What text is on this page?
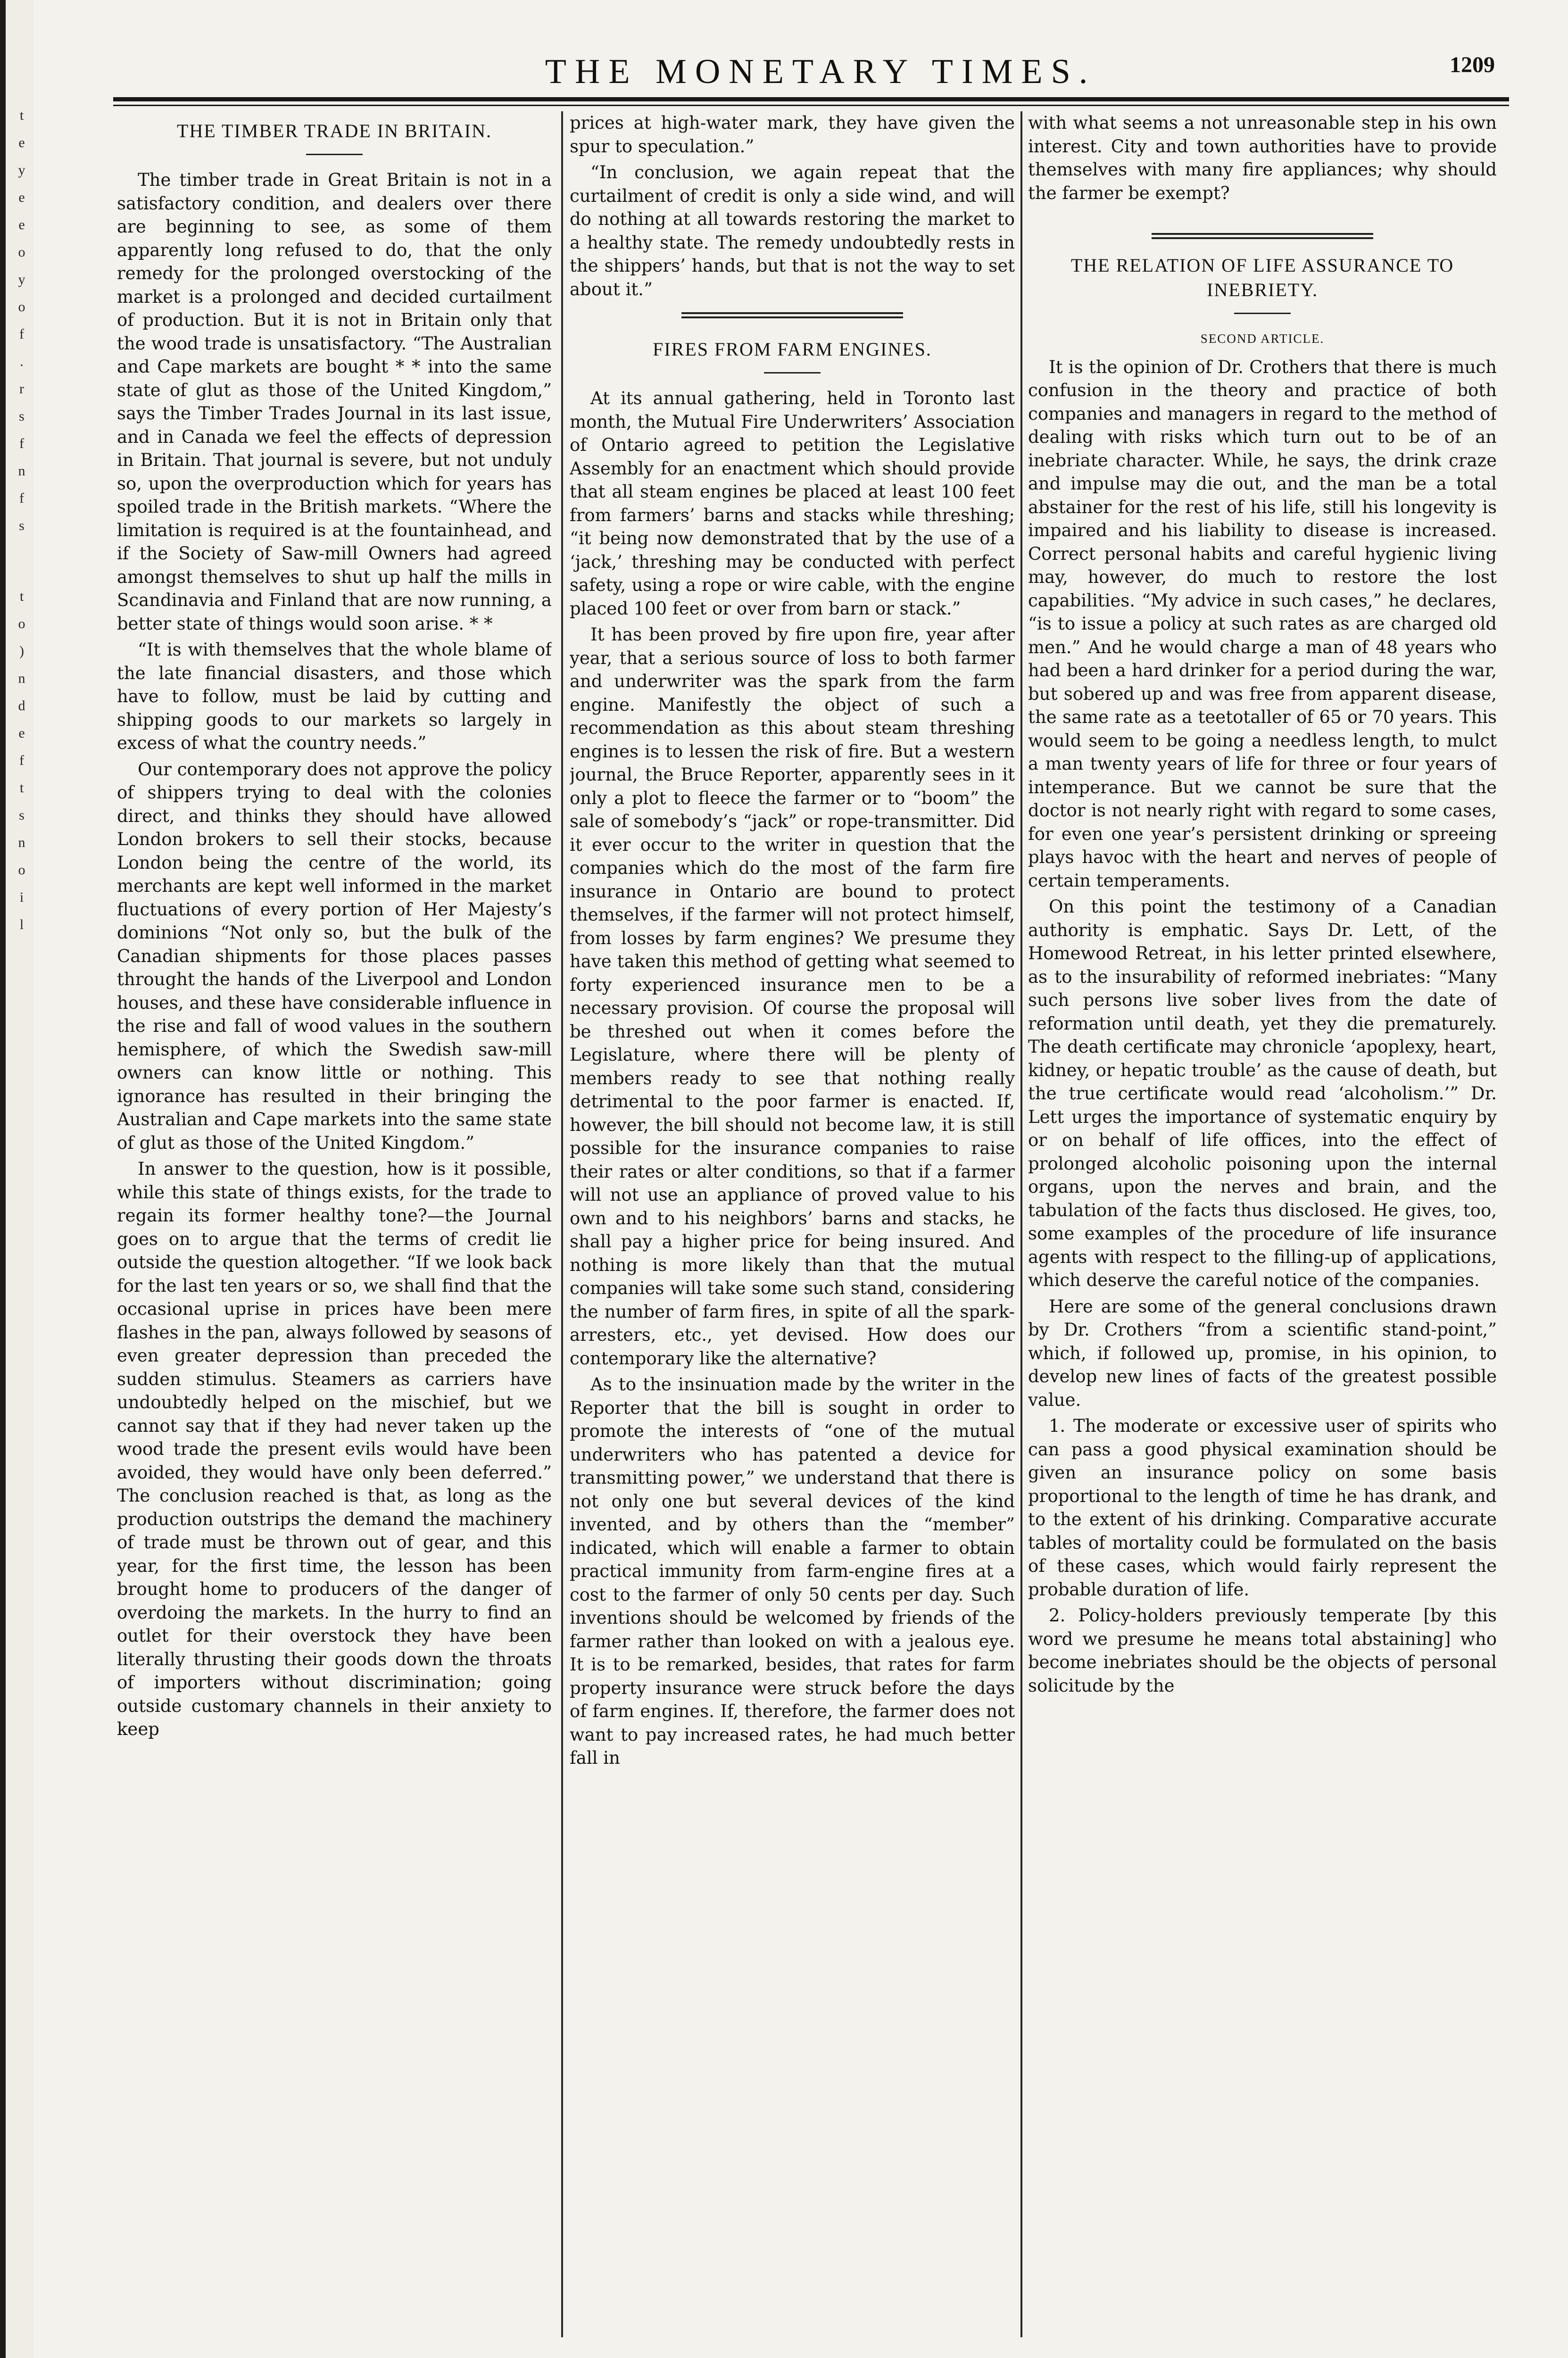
t
e
y
e
e
o
y
o
f
.
r
s
f
n
f
s
t
o
)
n
d
e
f
t
s
n
o
i
l
THE MONETARY TIMES.	1209
THE TIMBER TRADE IN BRITAIN.

The timber trade in Great Britain is not in a satisfactory condition, and dealers over there are beginning to see, as some of them apparently long refused to do, that the only remedy for the prolonged overstocking of the market is a prolonged and decided curtailment of production. But it is not in Britain only that the wood trade is unsatisfactory. “The Australian and Cape markets are bought * * into the same state of glut as those of the United Kingdom,” says the Timber Trades Journal in its last issue, and in Canada we feel the effects of depression in Britain. That journal is severe, but not unduly so, upon the overproduction which for years has spoiled trade in the British markets. “Where the limitation is required is at the fountainhead, and if the Society of Saw-mill Owners had agreed amongst themselves to shut up half the mills in Scandinavia and Finland that are now running, a better state of things would soon arise. * *

“It is with themselves that the whole blame of the late financial disasters, and those which have to follow, must be laid by cutting and shipping goods to our markets so largely in excess of what the country needs.”

Our contemporary does not approve the policy of shippers trying to deal with the colonies direct, and thinks they should have allowed London brokers to sell their stocks, because London being the centre of the world, its merchants are kept well informed in the market fluctuations of every portion of Her Majesty’s dominions “Not only so, but the bulk of the Canadian shipments for those places passes throught the hands of the Liverpool and London houses, and these have considerable influence in the rise and fall of wood values in the southern hemisphere, of which the Swedish saw-mill owners can know little or nothing. This ignorance has resulted in their bringing the Australian and Cape markets into the same state of glut as those of the United Kingdom.”

In answer to the question, how is it possible, while this state of things exists, for the trade to regain its former healthy tone?—the Journal goes on to argue that the terms of credit lie outside the question altogether. “If we look back for the last ten years or so, we shall find that the occasional uprise in prices have been mere flashes in the pan, always followed by seasons of even greater depression than preceded the sudden stimulus. Steamers as carriers have undoubtedly helped on the mischief, but we cannot say that if they had never taken up the wood trade the present evils would have been avoided, they would have only been deferred.” The conclusion reached is that, as long as the production outstrips the demand the machinery of trade must be thrown out of gear, and this year, for the first time, the lesson has been brought home to producers of the danger of overdoing the markets. In the hurry to find an outlet for their overstock they have been literally thrusting their goods down the throats of importers without discrimination; going outside customary channels in their anxiety to keep

prices at high-water mark, they have given the spur to speculation.”

“In conclusion, we again repeat that the curtailment of credit is only a side wind, and will do nothing at all towards restoring the market to a healthy state. The remedy undoubtedly rests in the shippers’ hands, but that is not the way to set about it.”

FIRES FROM FARM ENGINES.

At its annual gathering, held in Toronto last month, the Mutual Fire Underwriters’ Association of Ontario agreed to petition the Legislative Assembly for an enactment which should provide that all steam engines be placed at least 100 feet from farmers’ barns and stacks while threshing; “it being now demonstrated that by the use of a ‘jack,’ threshing may be conducted with perfect safety, using a rope or wire cable, with the engine placed 100 feet or over from barn or stack.”

It has been proved by fire upon fire, year after year, that a serious source of loss to both farmer and underwriter was the spark from the farm engine. Manifestly the object of such a recommendation as this about steam threshing engines is to lessen the risk of fire. But a western journal, the Bruce Reporter, apparently sees in it only a plot to fleece the farmer or to “boom” the sale of somebody’s “jack” or rope-transmitter. Did it ever occur to the writer in question that the companies which do the most of the farm fire insurance in Ontario are bound to protect themselves, if the farmer will not protect himself, from losses by farm engines? We presume they have taken this method of getting what seemed to forty experienced insurance men to be a necessary provision. Of course the proposal will be threshed out when it comes before the Legislature, where there will be plenty of members ready to see that nothing really detrimental to the poor farmer is enacted. If, however, the bill should not become law, it is still possible for the insurance companies to raise their rates or alter conditions, so that if a farmer will not use an appliance of proved value to his own and to his neighbors’ barns and stacks, he shall pay a higher price for being insured. And nothing is more likely than that the mutual companies will take some such stand, considering the number of farm fires, in spite of all the spark-arresters, etc., yet devised. How does our contemporary like the alternative?

As to the insinuation made by the writer in the Reporter that the bill is sought in order to promote the interests of “one of the mutual underwriters who has patented a device for transmitting power,” we understand that there is not only one but several devices of the kind invented, and by others than the “member” indicated, which will enable a farmer to obtain practical immunity from farm-engine fires at a cost to the farmer of only 50 cents per day. Such inventions should be welcomed by friends of the farmer rather than looked on with a jealous eye. It is to be remarked, besides, that rates for farm property insurance were struck before the days of farm engines. If, therefore, the farmer does not want to pay increased rates, he had much better fall in

with what seems a not unreasonable step in his own interest. City and town authorities have to provide themselves with many fire appliances; why should the farmer be exempt?

THE RELATION OF LIFE ASSURANCE TO INEBRIETY.
SECOND ARTICLE.

It is the opinion of Dr. Crothers that there is much confusion in the theory and practice of both companies and managers in regard to the method of dealing with risks which turn out to be of an inebriate character. While, he says, the drink craze and impulse may die out, and the man be a total abstainer for the rest of his life, still his longevity is impaired and his liability to disease is increased. Correct personal habits and careful hygienic living may, however, do much to restore the lost capabilities. “My advice in such cases,” he declares, “is to issue a policy at such rates as are charged old men.” And he would charge a man of 48 years who had been a hard drinker for a period during the war, but sobered up and was free from apparent disease, the same rate as a teetotaller of 65 or 70 years. This would seem to be going a needless length, to mulct a man twenty years of life for three or four years of intemperance. But we cannot be sure that the doctor is not nearly right with regard to some cases, for even one year’s persistent drinking or spreeing plays havoc with the heart and nerves of people of certain temperaments.

On this point the testimony of a Canadian authority is emphatic. Says Dr. Lett, of the Homewood Retreat, in his letter printed elsewhere, as to the insurability of reformed inebriates: “Many such persons live sober lives from the date of reformation until death, yet they die prematurely. The death certificate may chronicle ‘apoplexy, heart, kidney, or hepatic trouble’ as the cause of death, but the true certificate would read ‘alcoholism.’” Dr. Lett urges the importance of systematic enquiry by or on behalf of life offices, into the effect of prolonged alcoholic poisoning upon the internal organs, upon the nerves and brain, and the tabulation of the facts thus disclosed. He gives, too, some examples of the procedure of life insurance agents with respect to the filling-up of applications, which deserve the careful notice of the companies.

Here are some of the general conclusions drawn by Dr. Crothers “from a scientific stand-point,” which, if followed up, promise, in his opinion, to develop new lines of facts of the greatest possible value.

1. The moderate or excessive user of spirits who can pass a good physical examination should be given an insurance policy on some basis proportional to the length of time he has drank, and to the extent of his drinking. Comparative accurate tables of mortality could be formulated on the basis of these cases, which would fairly represent the probable duration of life.

2. Policy-holders previously temperate [by this word we presume he means total abstaining] who become inebriates should be the objects of personal solicitude by the
